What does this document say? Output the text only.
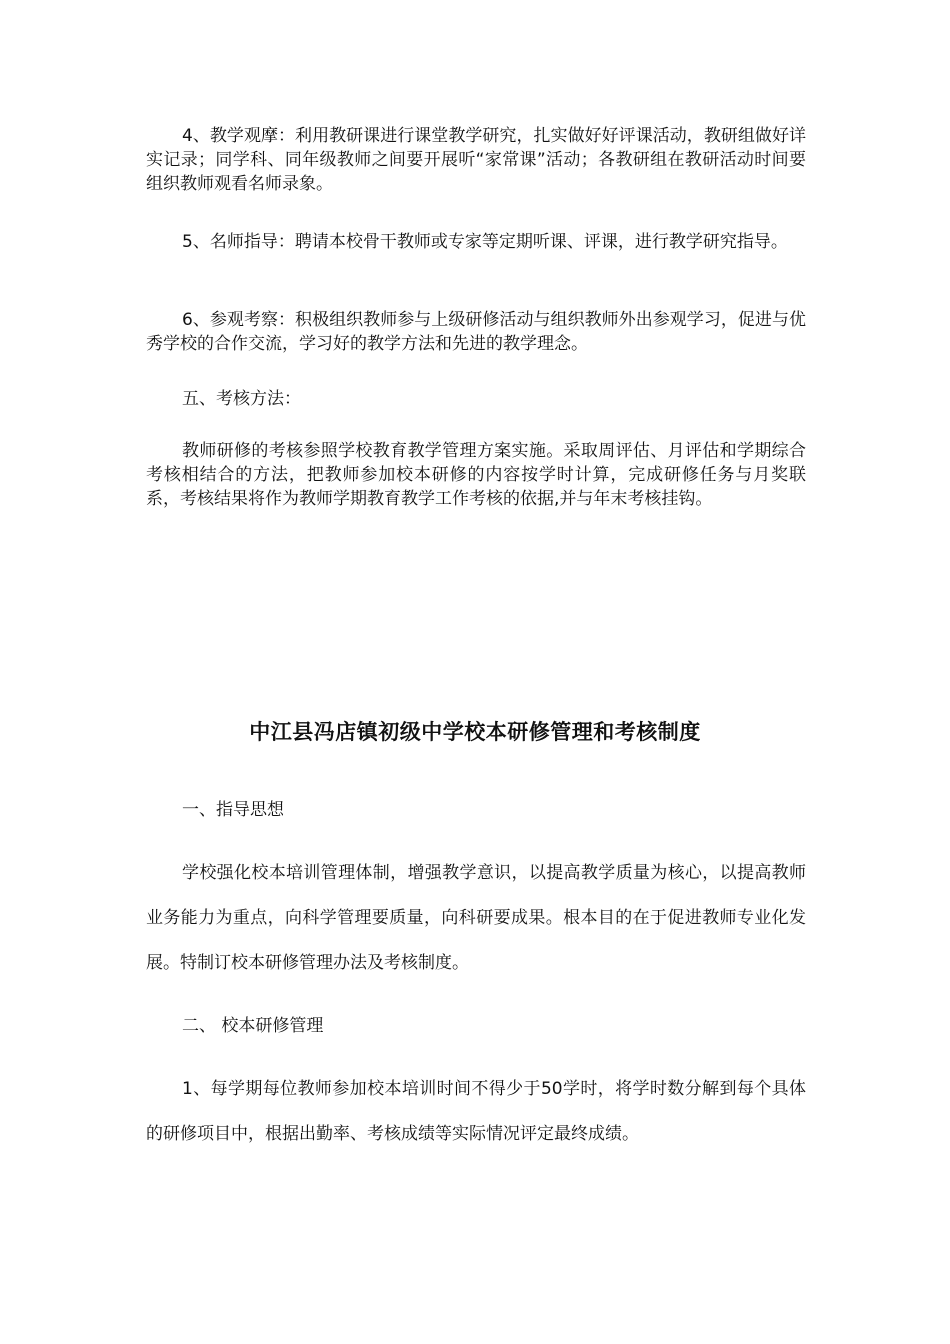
4、教学观摩：利用教研课进行课堂教学研究，扎实做好好评课活动，教研组做好详实记录；同学科、同年级教师之间要开展听“家常课”活动；各教研组在教研活动时间要组织教师观看名师录象。

5、名师指导：聘请本校骨干教师或专家等定期听课、评课，进行教学研究指导。

6、参观考察：积极组织教师参与上级研修活动与组织教师外出参观学习，促进与优秀学校的合作交流，学习好的教学方法和先进的教学理念。

五、考核方法：

教师研修的考核参照学校教育教学管理方案实施。采取周评估、月评估和学期综合考核相结合的方法，把教师参加校本研修的内容按学时计算，完成研修任务与月奖联系，考核结果将作为教师学期教育教学工作考核的依据,并与年末考核挂钩。

中江县冯店镇初级中学校本研修管理和考核制度

一、指导思想

学校强化校本培训管理体制，增强教学意识，以提高教学质量为核心，以提高教师业务能力为重点，向科学管理要质量，向科研要成果。根本目的在于促进教师专业化发展。特制订校本研修管理办法及考核制度。

二、 校本研修管理

1、每学期每位教师参加校本培训时间不得少于50学时，将学时数分解到每个具体的研修项目中，根据出勤率、考核成绩等实际情况评定最终成绩。
